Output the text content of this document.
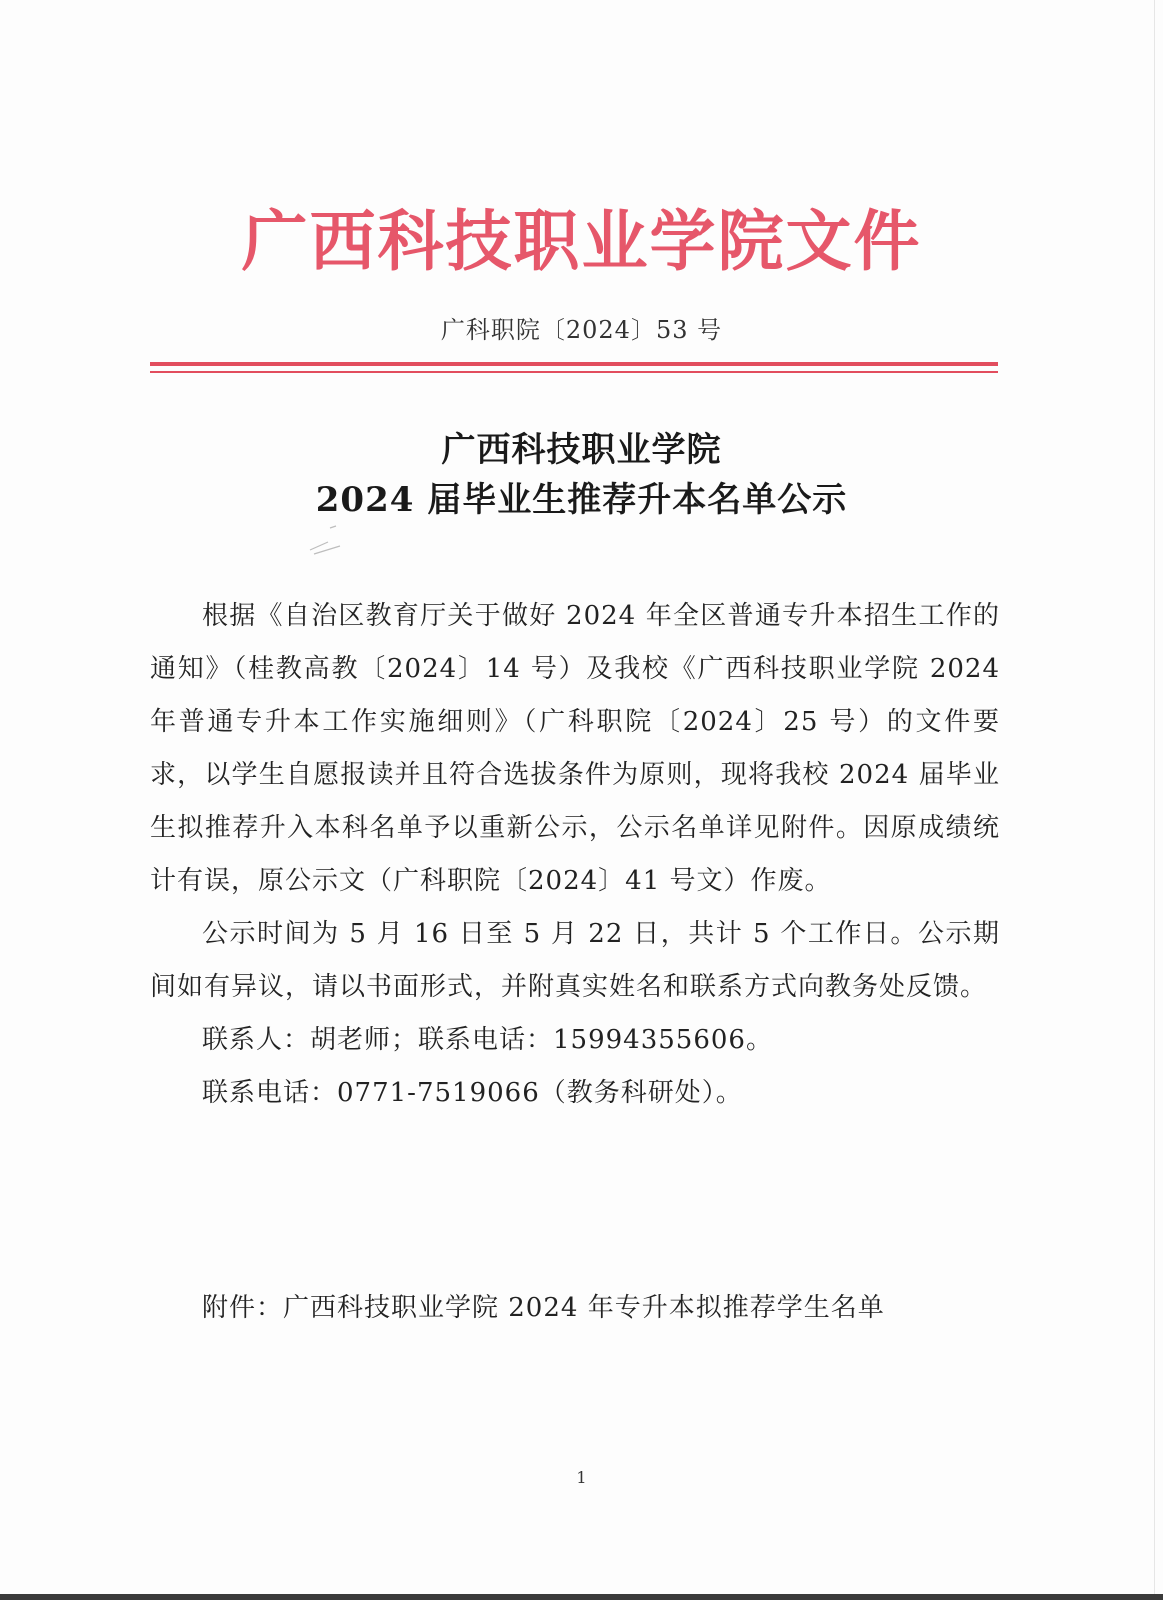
广西科技职业学院文件
广科职院〔2024〕53 号
广西科技职业学院
2024 届毕业生推荐升本名单公示

根据《自治区教育厅关于做好 2024 年全区普通专升本招生工作的通知》（桂教高教〔2024〕14 号）及我校《广西科技职业学院 2024 年普通专升本工作实施细则》（广科职院〔2024〕25 号）的文件要求，以学生自愿报读并且符合选拔条件为原则，现将我校 2024 届毕业生拟推荐升入本科名单予以重新公示，公示名单详见附件。因原成绩统计有误，原公示文（广科职院〔2024〕41 号文）作废。

公示时间为 5 月 16 日至 5 月 22 日，共计 5 个工作日。公示期间如有异议，请以书面形式，并附真实姓名和联系方式向教务处反馈。

联系人：胡老师；联系电话：15994355606。

联系电话：0771-7519066（教务科研处）。

附件：广西科技职业学院 2024 年专升本拟推荐学生名单
1
